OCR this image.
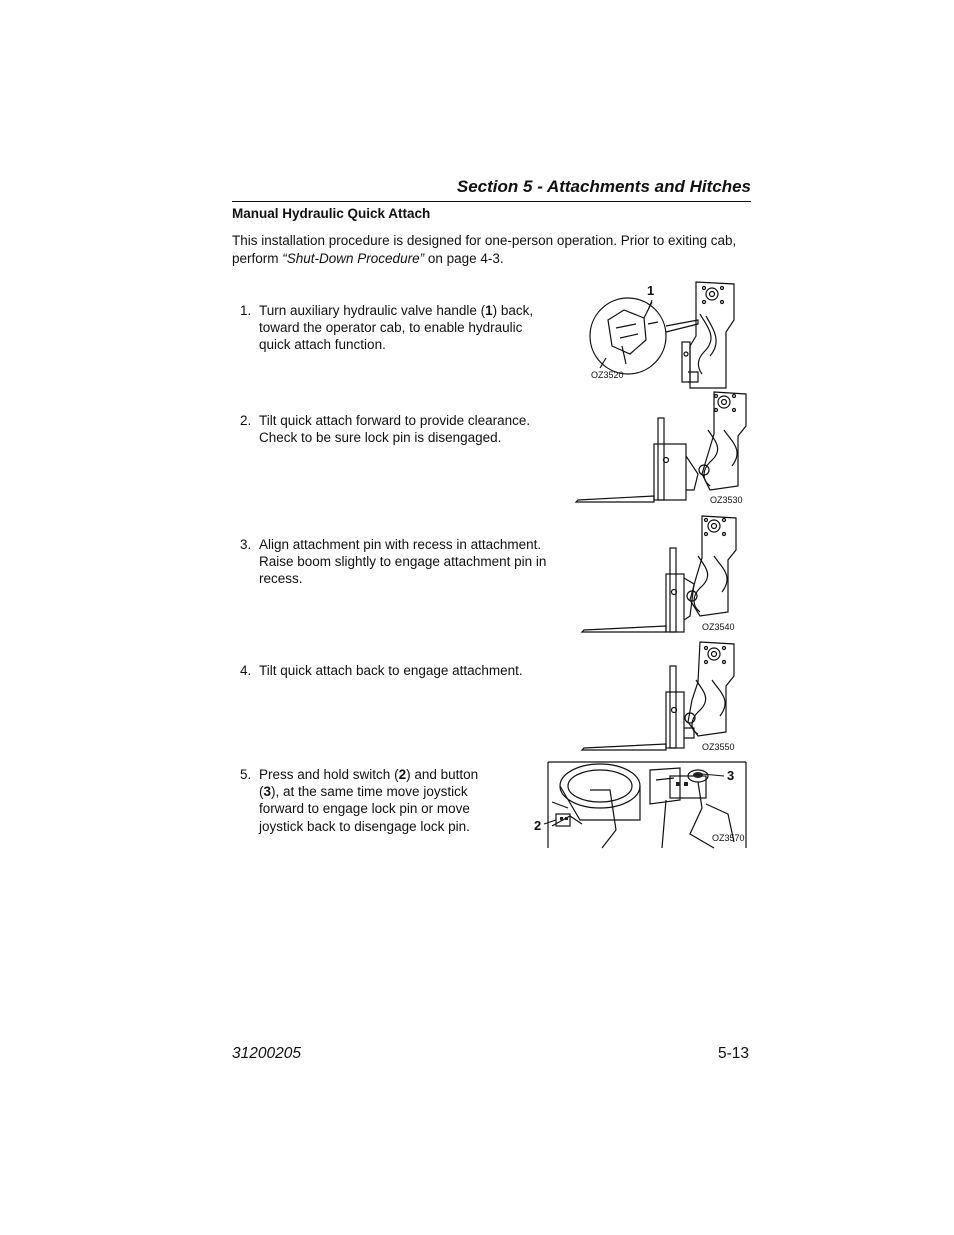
Section 5 - Attachments and Hitches
Manual Hydraulic Quick Attach
This installation procedure is designed for one-person operation. Prior to exiting cab,
perform “Shut-Down Procedure” on page 4-3.
1. Turn auxiliary hydraulic valve handle (1) back,
toward the operator cab, to enable hydraulic
quick attach function.
2. Tilt quick attach forward to provide clearance.
Check to be sure lock pin is disengaged.
3. Align attachment pin with recess in attachment.
Raise boom slightly to engage attachment pin in
recess.
4. Tilt quick attach back to engage attachment.
5. Press and hold switch (2) and button
(3), at the same time move joystick
forward to engage lock pin or move
joystick back to disengage lock pin.
1
OZ3520
OZ3530
OZ3540
OZ3550
2
3
OZ3570
31200205	5-13
